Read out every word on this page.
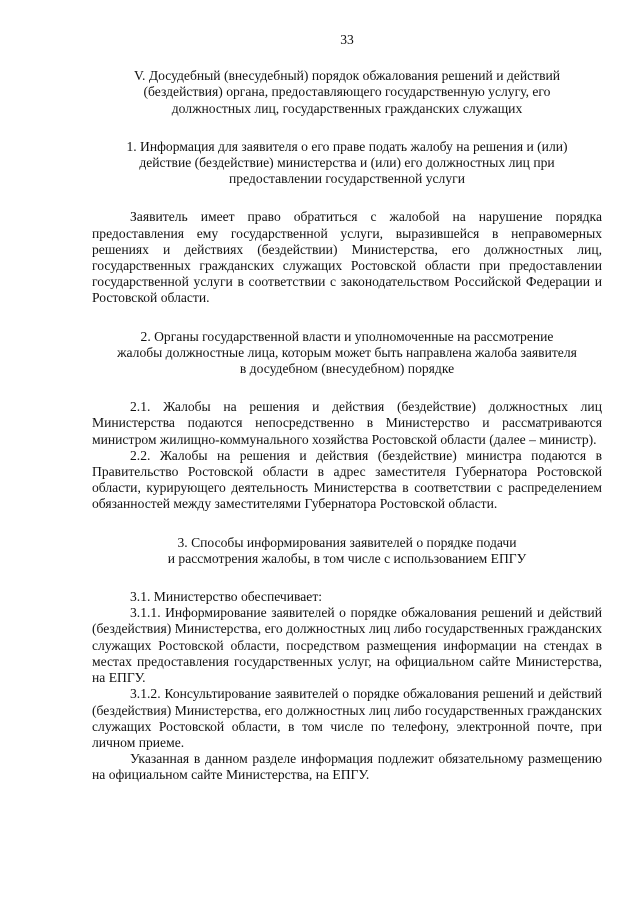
33
V. Досудебный (внесудебный) порядок обжалования решений и действий
(бездействия) органа, предоставляющего государственную услугу, его
должностных лиц, государственных гражданских служащих
1. Информация для заявителя о его праве подать жалобу на решения и (или)
действие (бездействие) министерства и (или) его должностных лиц при
предоставлении государственной услуги

Заявитель имеет право обратиться с жалобой на нарушение порядка предоставления ему государственной услуги, выразившейся в неправомерных решениях и действиях (бездействии) Министерства, его должностных лиц, государственных гражданских служащих Ростовской области при предоставлении государственной услуги в соответствии с законодательством Российской Федерации и Ростовской области.

2. Органы государственной власти и уполномоченные на рассмотрение
жалобы должностные лица, которым может быть направлена жалоба заявителя
в досудебном (внесудебном) порядке

2.1. Жалобы на решения и действия (бездействие) должностных лиц Министерства подаются непосредственно в Министерство и рассматриваются министром жилищно-коммунального хозяйства Ростовской области (далее – министр).

2.2. Жалобы на решения и действия (бездействие) министра подаются в Правительство Ростовской области в адрес заместителя Губернатора Ростовской области, курирующего деятельность Министерства в соответствии с распределением обязанностей между заместителями Губернатора Ростовской области.

3. Способы информирования заявителей о порядке подачи
и рассмотрения жалобы, в том числе с использованием ЕПГУ

3.1. Министерство обеспечивает:

3.1.1. Информирование заявителей о порядке обжалования решений и действий (бездействия) Министерства, его должностных лиц либо государственных гражданских служащих Ростовской области, посредством размещения информации на стендах в местах предоставления государственных услуг, на официальном сайте Министерства, на ЕПГУ.

3.1.2. Консультирование заявителей о порядке обжалования решений и действий (бездействия) Министерства, его должностных лиц либо государственных гражданских служащих Ростовской области, в том числе по телефону, электронной почте, при личном приеме.

Указанная в данном разделе информация подлежит обязательному размещению на официальном сайте Министерства, на ЕПГУ.
